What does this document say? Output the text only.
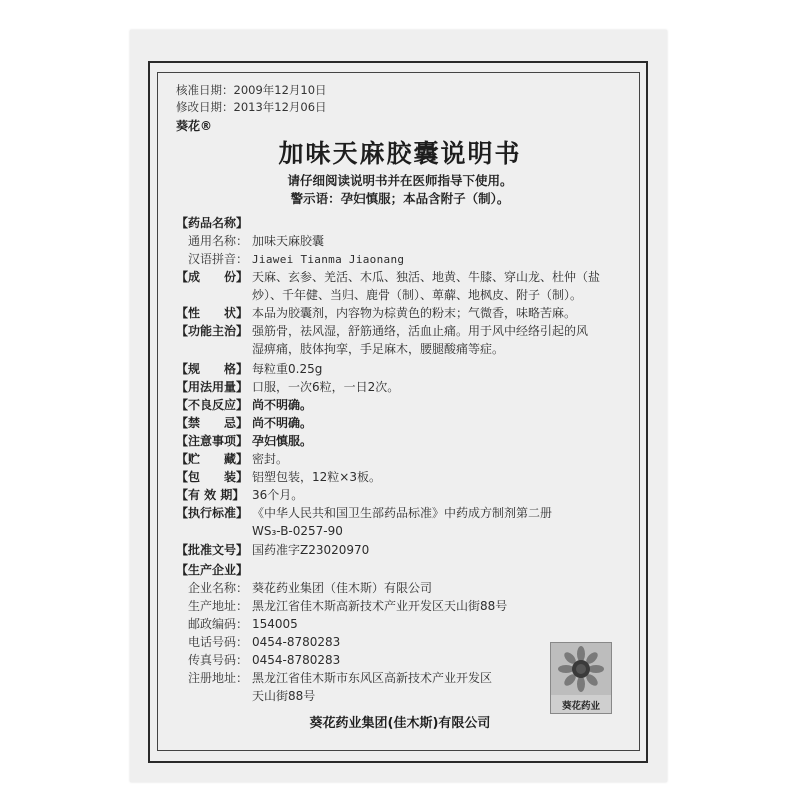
核准日期：2009年12月10日
修改日期：2013年12月06日
葵花®
加味天麻胶囊说明书
请仔细阅读说明书并在医师指导下使用。
警示语：孕妇慎服；本品含附子（制）。
【药品名称】
通用名称： 加味天麻胶囊
汉语拼音： Jiawei Tianma Jiaonang
【成　　份】 天麻、玄参、羌活、木瓜、独活、地黄、牛膝、穿山龙、杜仲（盐
炒）、千年健、当归、鹿骨（制）、萆薢、地枫皮、附子（制）。
【性　　状】 本品为胶囊剂，内容物为棕黄色的粉末；气微香，味略苦麻。
【功能主治】 强筋骨，祛风湿，舒筋通络，活血止痛。用于风中经络引起的风
湿痹痛，肢体拘挛，手足麻木，腰腿酸痛等症。
【规　　格】 每粒重0.25g
【用法用量】 口服，一次6粒，一日2次。
【不良反应】 尚不明确。
【禁　　忌】 尚不明确。
【注意事项】 孕妇慎服。
【贮　　藏】 密封。
【包　　装】 铝塑包装，12粒×3板。
【有 效 期】 36个月。
【执行标准】 《中华人民共和国卫生部药品标准》中药成方制剂第二册
WS₃-B-0257-90
【批准文号】 国药准字Z23020970
【生产企业】
企业名称： 葵花药业集团（佳木斯）有限公司
生产地址： 黑龙江省佳木斯高新技术产业开发区天山街88号
邮政编码： 154005
电话号码： 0454-8780283
传真号码： 0454-8780283
注册地址： 黑龙江省佳木斯市东风区高新技术产业开发区
天山街88号
葵花药业
葵花药业集团(佳木斯)有限公司
